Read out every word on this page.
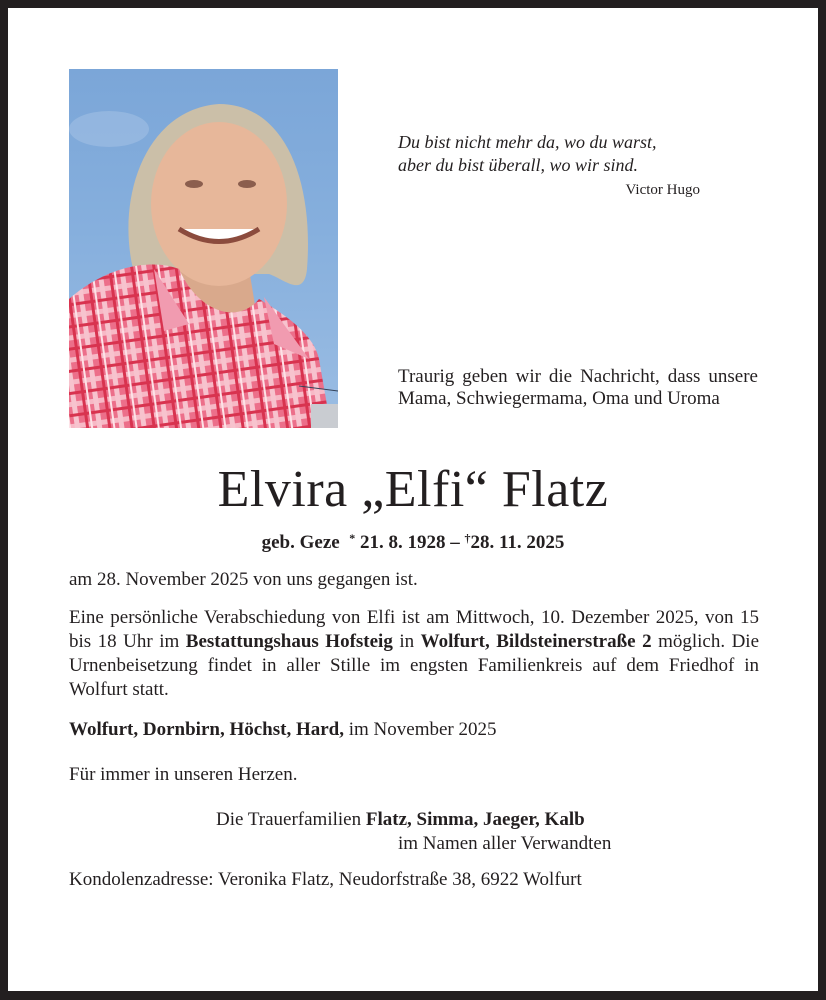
Du bist nicht mehr da, wo du warst,
aber du bist überall, wo wir sind.
Victor Hugo
Traurig geben wir die Nachricht, dass unsere Mama, Schwiegermama, Oma und Uroma
Elvira „Elfi“ Flatz
geb. Geze * 21. 8. 1928 – †28. 11. 2025
am 28. November 2025 von uns gegangen ist.
Eine persönliche Verabschiedung von Elfi ist am Mittwoch, 10. Dezember 2025, von 15 bis 18 Uhr im Bestattungshaus Hofsteig in Wolfurt, Bildsteinerstraße 2 möglich. Die Urnenbeisetzung findet in aller Stille im engsten Familienkreis auf dem Friedhof in Wolfurt statt.
Wolfurt, Dornbirn, Höchst, Hard, im November 2025
Für immer in unseren Herzen.
Die Trauerfamilien Flatz, Simma, Jaeger, Kalb
im Namen aller Verwandten
Kondolenzadresse: Veronika Flatz, Neudorfstraße 38, 6922 Wolfurt
